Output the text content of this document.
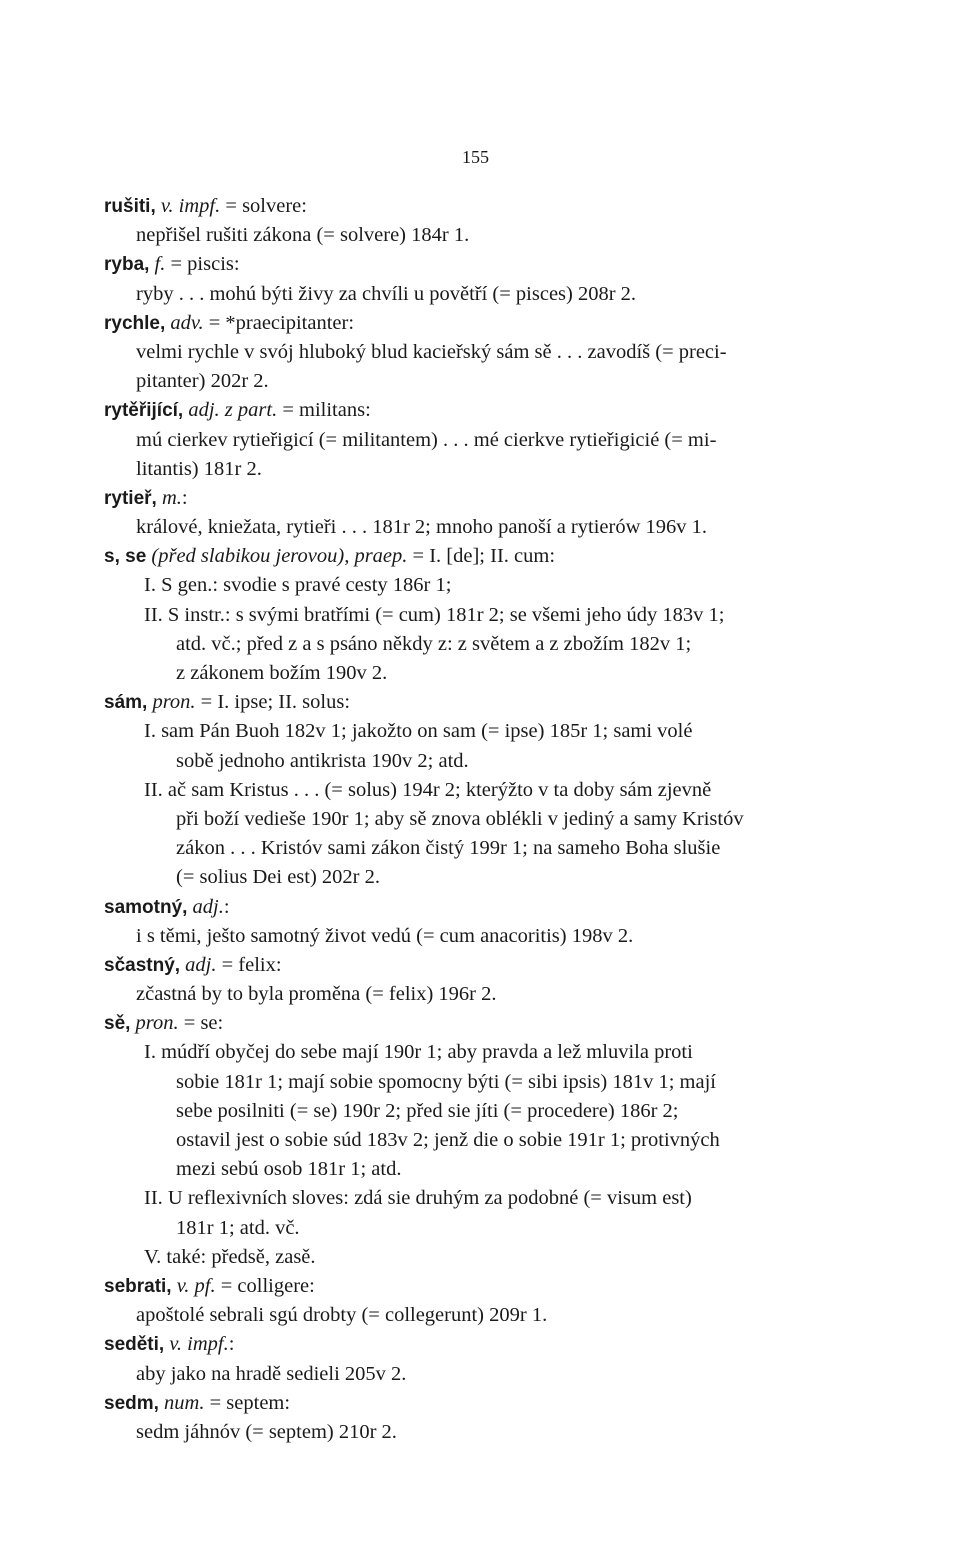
155
rušiti, v. impf. = solvere:
nepřišel rušiti zákona (= solvere) 184r 1.
ryba, f. = piscis:
ryby . . . mohú býti živy za chvíli u povětří (= pisces) 208r 2.
rychle, adv. = *praecipitanter:
velmi rychle v svój hluboký blud kacieřský sám sě . . . zavodíš (= preci-
pitanter) 202r 2.
rytěřijící, adj. z part. = militans:
mú cierkev rytieřigicí (= militantem) . . . mé cierkve rytieřigicié (= mi-
litantis) 181r 2.
rytieř, m.:
králové, kniežata, rytieři . . . 181r 2; mnoho panoší a rytierów 196v 1.
s, se (před slabikou jerovou), praep. = I. [de]; II. cum:
I. S gen.: svodie s pravé cesty 186r 1;
II. S instr.: s svými bratřími (= cum) 181r 2; se všemi jeho údy 183v 1;
atd. vč.; před z a s psáno někdy z: z světem a z zbožím 182v 1;
z zákonem božím 190v 2.
sám, pron. = I. ipse; II. solus:
I. sam Pán Buoh 182v 1; jakožto on sam (= ipse) 185r 1; sami volé
sobě jednoho antikrista 190v 2; atd.
II. ač sam Kristus . . . (= solus) 194r 2; kterýžto v ta doby sám zjevně
při boží vedieše 190r 1; aby sě znova oblékli v jediný a samy Kristóv
zákon . . . Kristóv sami zákon čistý 199r 1; na sameho Boha slušie
(= solius Dei est) 202r 2.
samotný, adj.:
i s těmi, ješto samotný život vedú (= cum anacoritis) 198v 2.
sčastný, adj. = felix:
zčastná by to byla proměna (= felix) 196r 2.
sě, pron. = se:
I. múdří obyčej do sebe mají 190r 1; aby pravda a lež mluvila proti
sobie 181r 1; mají sobie spomocny býti (= sibi ipsis) 181v 1; mají
sebe posilniti (= se) 190r 2; před sie jíti (= procedere) 186r 2;
ostavil jest o sobie súd 183v 2; jenž die o sobie 191r 1; protivných
mezi sebú osob 181r 1; atd.
II. U reflexivních sloves: zdá sie druhým za podobné (= visum est)
181r 1; atd. vč.
V. také: předsě, zasě.
sebrati, v. pf. = colligere:
apoštolé sebrali sgú drobty (= collegerunt) 209r 1.
seděti, v. impf.:
aby jako na hradě sedieli 205v 2.
sedm, num. = septem:
sedm jáhnóv (= septem) 210r 2.
